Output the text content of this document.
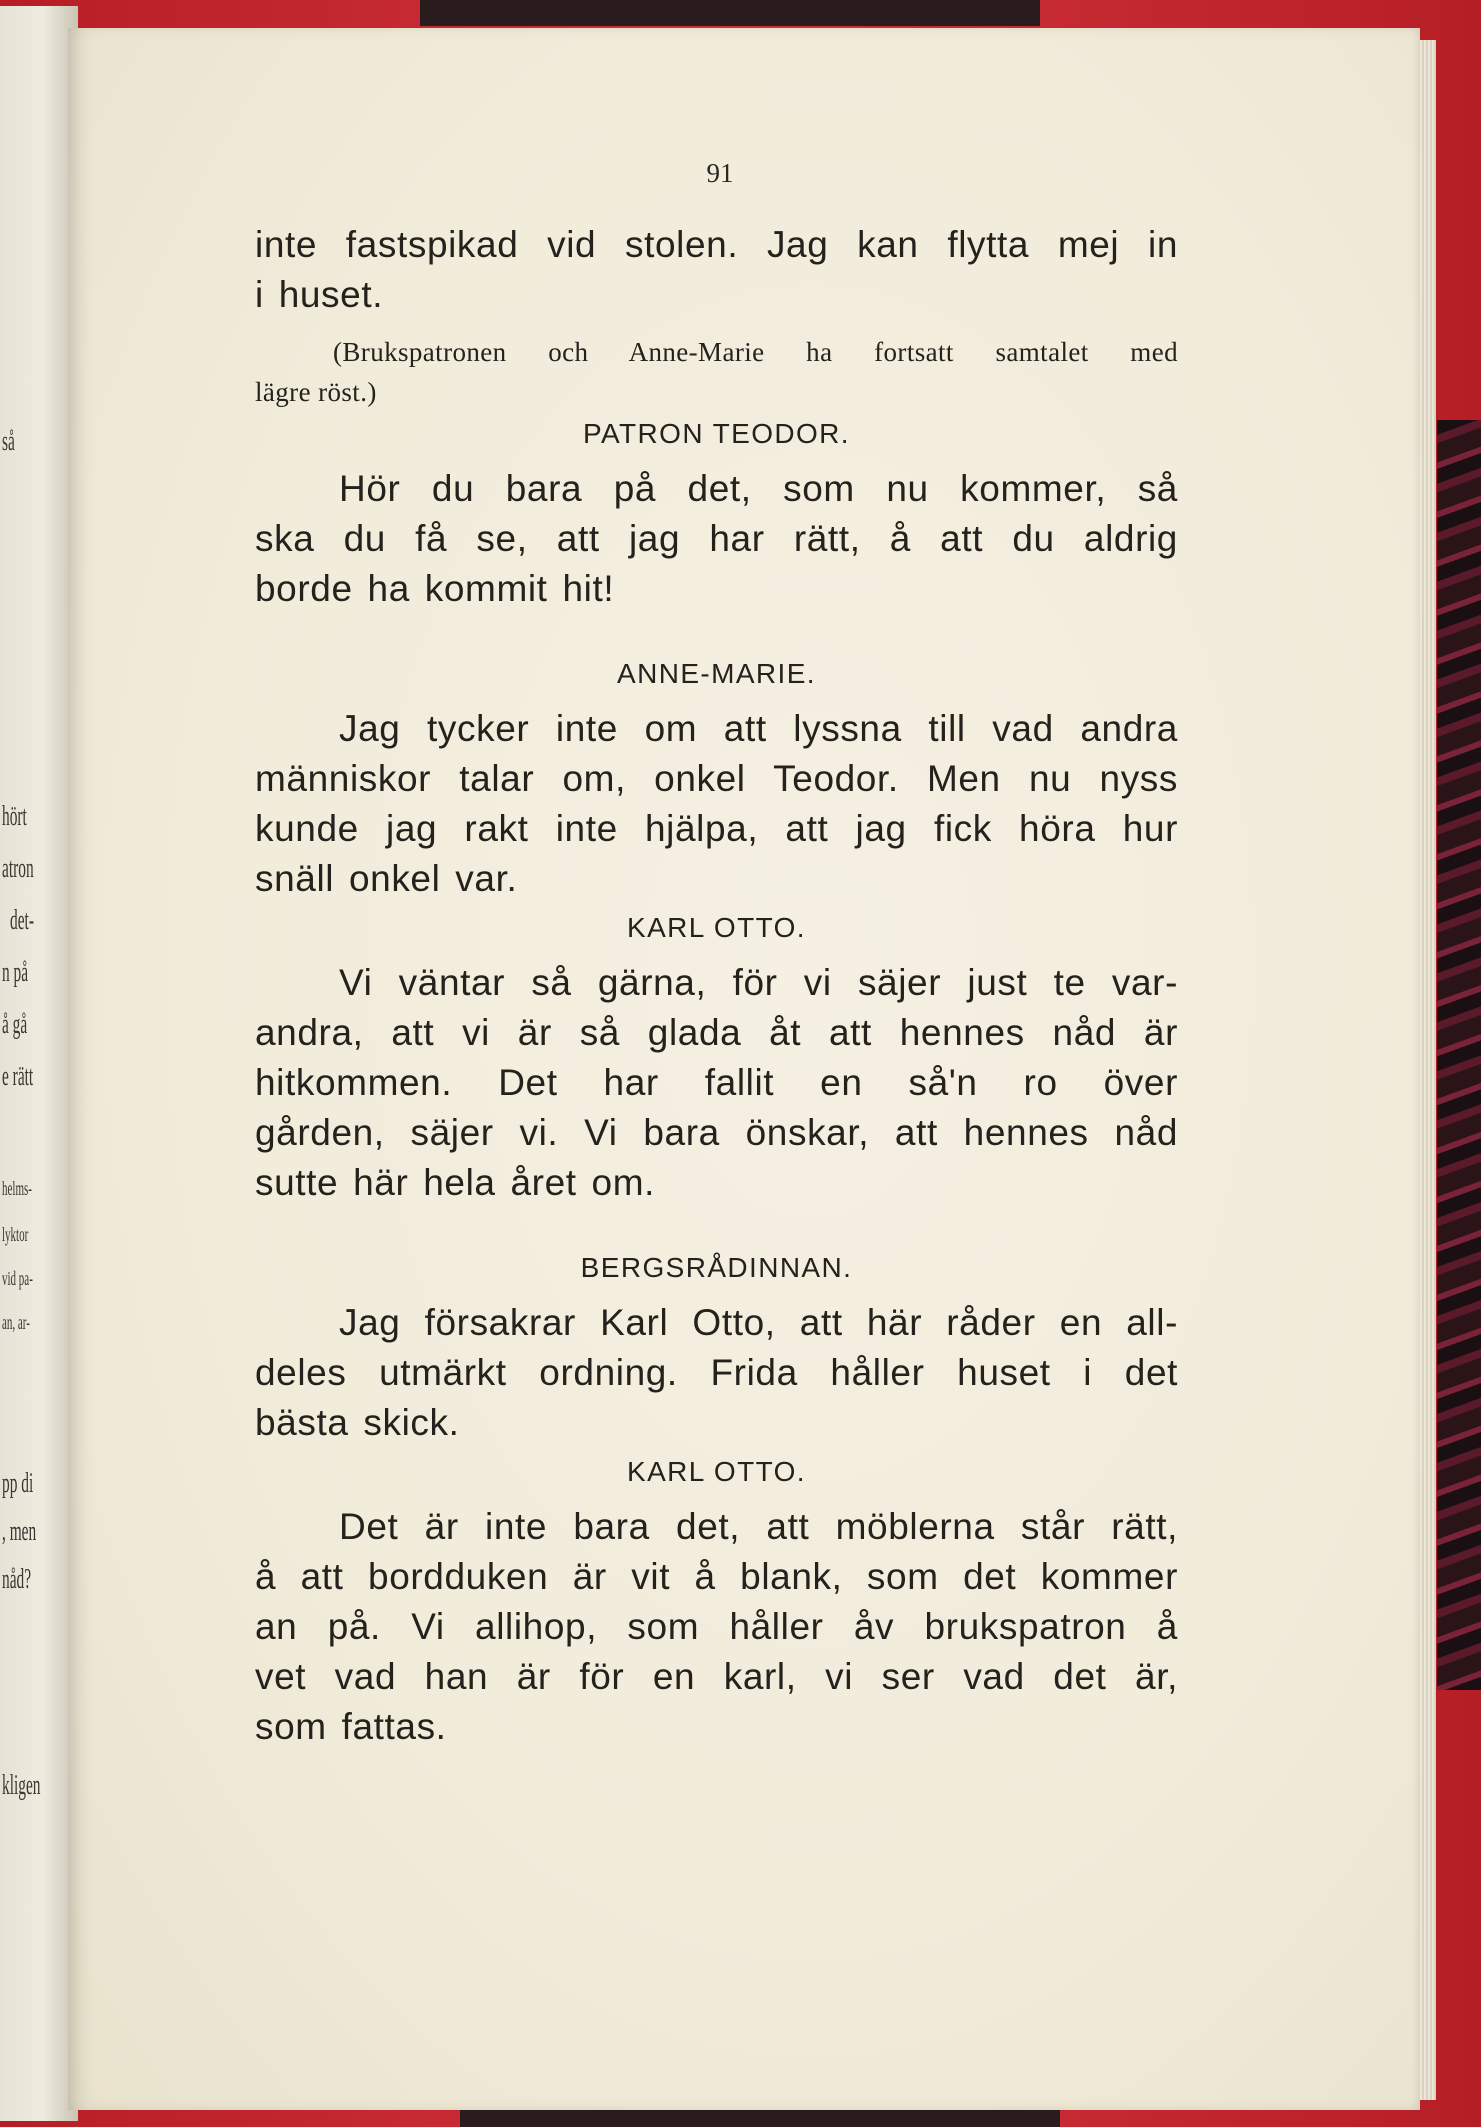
så
hört
atron
det-
n på
å gå
e rätt
helms-
lyktor
vid pa-
an, ar-
pp di
, men
nåd?
kligen
91
inte fastspikad vid stolen. Jag kan flytta mej in
i huset.
(Brukspatronen och Anne-Marie ha fortsatt samtalet med
lägre röst.)
PATRON TEODOR.
Hör du bara på det, som nu kommer, så
ska du få se, att jag har rätt, å att du aldrig
borde ha kommit hit!
ANNE-MARIE.
Jag tycker inte om att lyssna till vad andra
människor talar om, onkel Teodor. Men nu nyss
kunde jag rakt inte hjälpa, att jag fick höra hur
snäll onkel var.
KARL OTTO.
Vi väntar så gärna, för vi säjer just te var-
andra, att vi är så glada åt att hennes nåd är
hitkommen. Det har fallit en så'n ro över
gården, säjer vi. Vi bara önskar, att hennes nåd
sutte här hela året om.
BERGSRÅDINNAN.
Jag försakrar Karl Otto, att här råder en all-
deles utmärkt ordning. Frida håller huset i det
bästa skick.
KARL OTTO.
Det är inte bara det, att möblerna står rätt,
å att bordduken är vit å blank, som det kommer
an på. Vi allihop, som håller åv brukspatron å
vet vad han är för en karl, vi ser vad det är,
som fattas.
